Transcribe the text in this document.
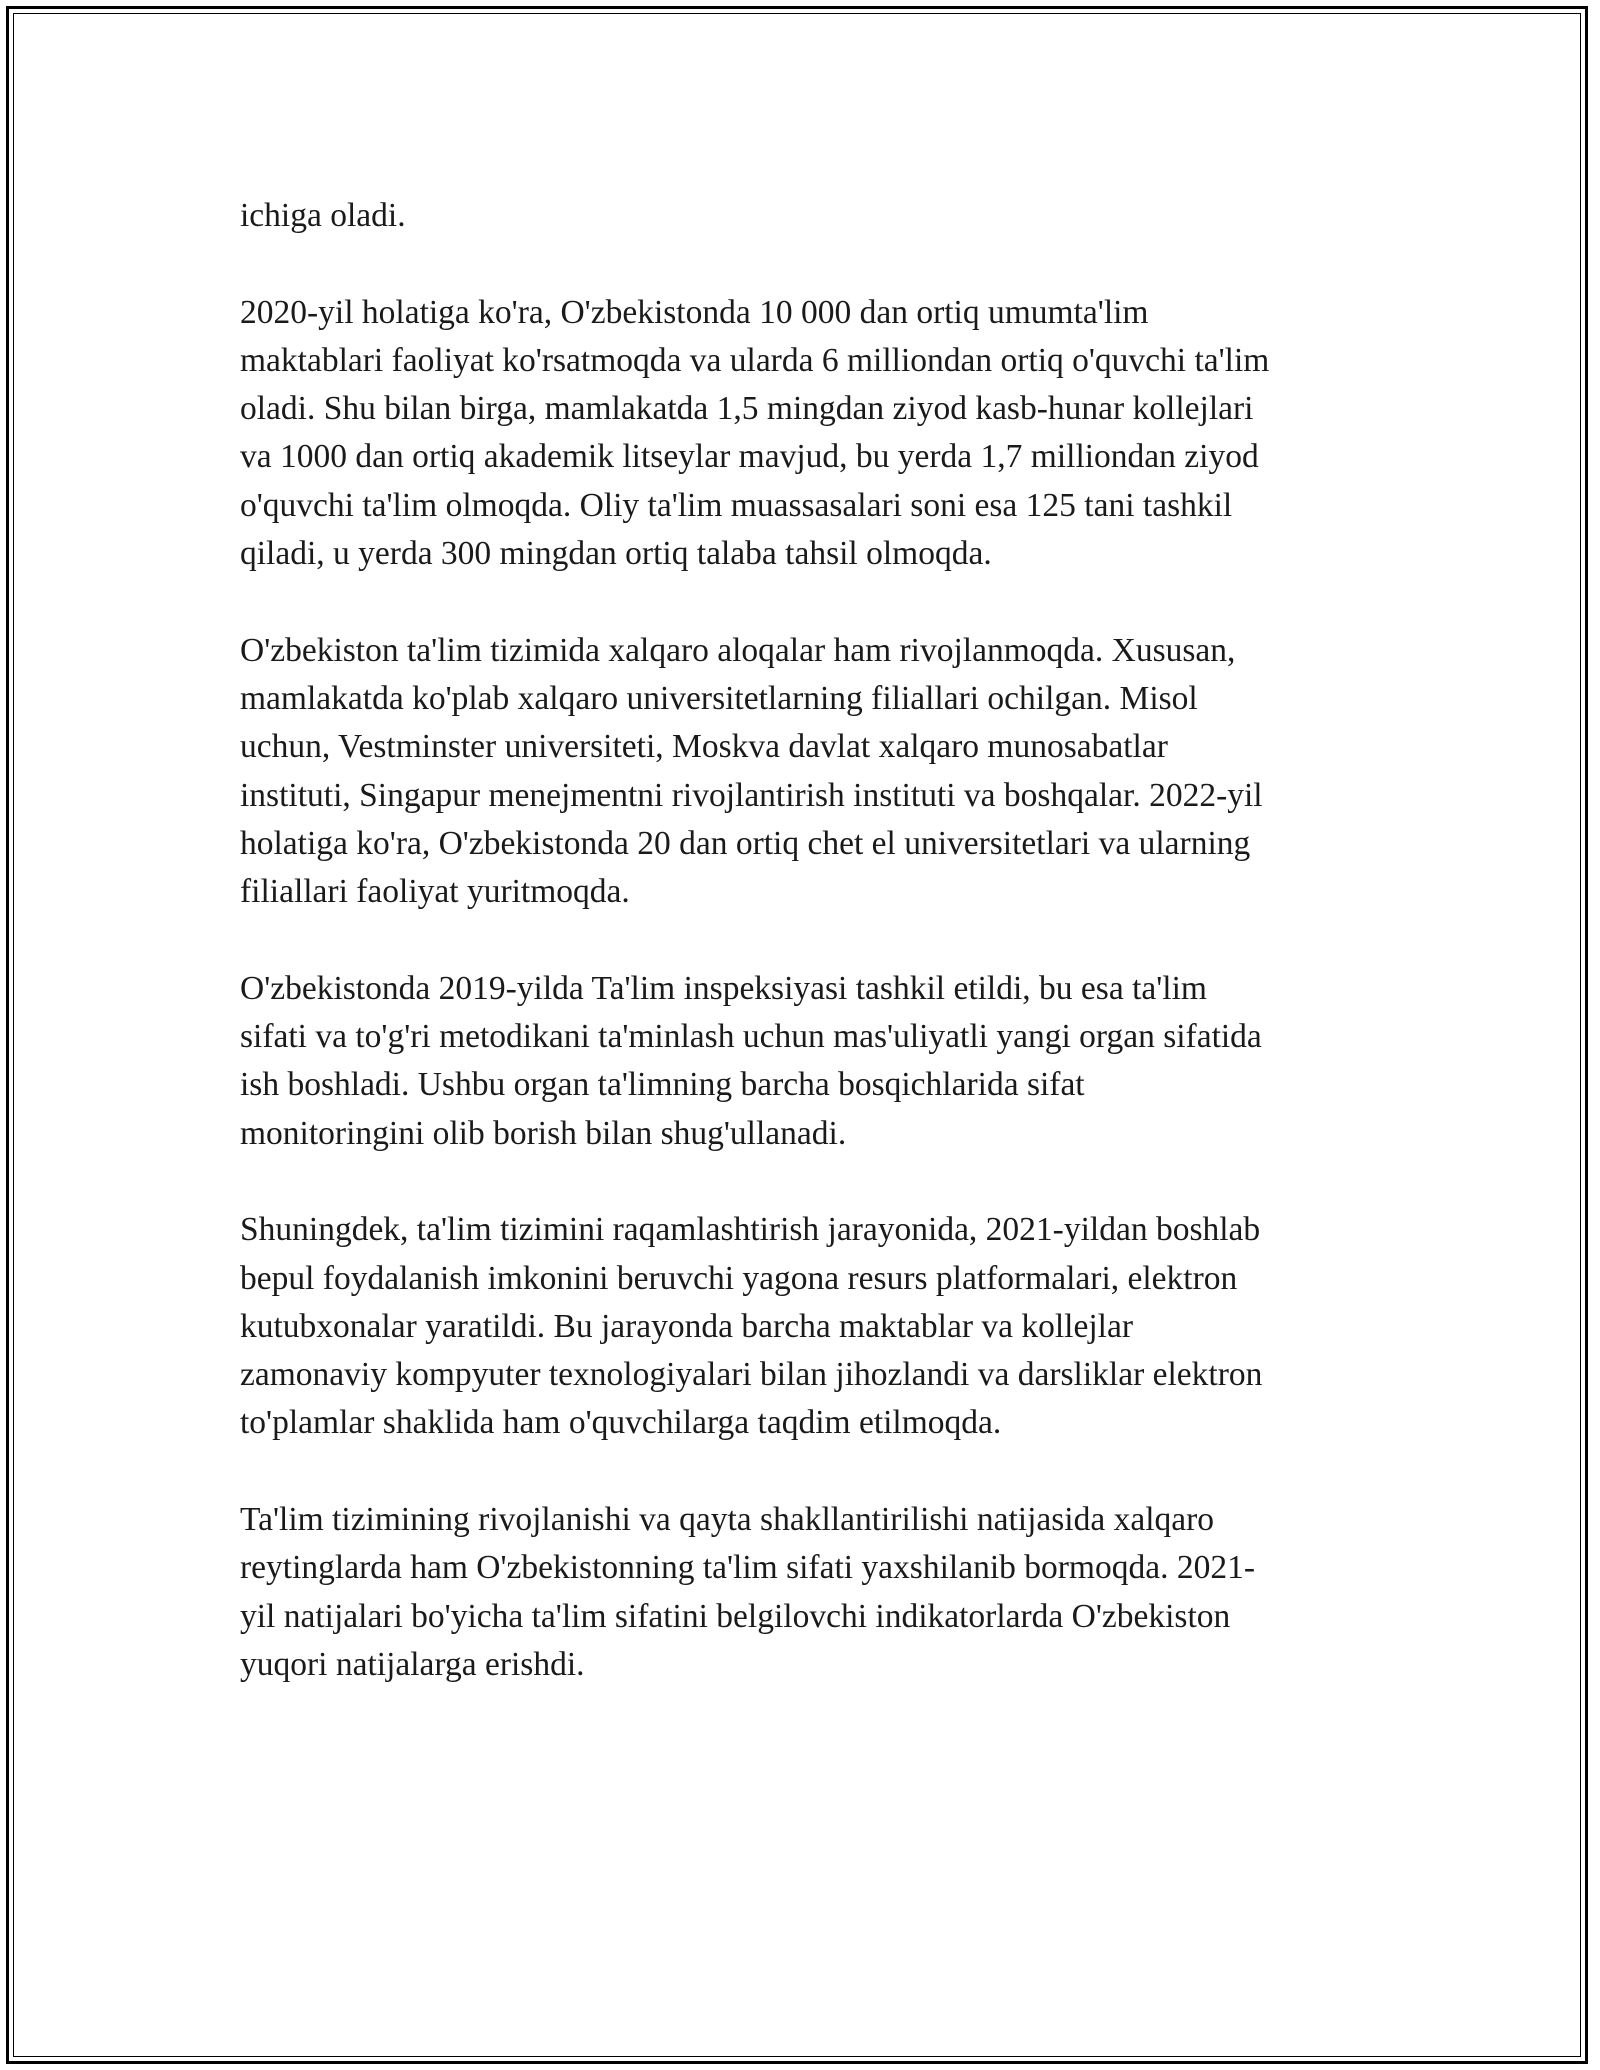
ichiga oladi.

2020-yil holatiga ko'ra, O'zbekistonda 10 000 dan ortiq umumta'lim
maktablari faoliyat ko'rsatmoqda va ularda 6 milliondan ortiq o'quvchi ta'lim
oladi. Shu bilan birga, mamlakatda 1,5 mingdan ziyod kasb-hunar kollejlari
va 1000 dan ortiq akademik litseylar mavjud, bu yerda 1,7 milliondan ziyod
o'quvchi ta'lim olmoqda. Oliy ta'lim muassasalari soni esa 125 tani tashkil
qiladi, u yerda 300 mingdan ortiq talaba tahsil olmoqda.

O'zbekiston ta'lim tizimida xalqaro aloqalar ham rivojlanmoqda. Xususan,
mamlakatda ko'plab xalqaro universitetlarning filiallari ochilgan. Misol
uchun, Vestminster universiteti, Moskva davlat xalqaro munosabatlar
instituti, Singapur menejmentni rivojlantirish instituti va boshqalar. 2022-yil
holatiga ko'ra, O'zbekistonda 20 dan ortiq chet el universitetlari va ularning
filiallari faoliyat yuritmoqda.

O'zbekistonda 2019-yilda Ta'lim inspeksiyasi tashkil etildi, bu esa ta'lim
sifati va to'g'ri metodikani ta'minlash uchun mas'uliyatli yangi organ sifatida
ish boshladi. Ushbu organ ta'limning barcha bosqichlarida sifat
monitoringini olib borish bilan shug'ullanadi.

Shuningdek, ta'lim tizimini raqamlashtirish jarayonida, 2021-yildan boshlab
bepul foydalanish imkonini beruvchi yagona resurs platformalari, elektron
kutubxonalar yaratildi. Bu jarayonda barcha maktablar va kollejlar
zamonaviy kompyuter texnologiyalari bilan jihozlandi va darsliklar elektron
to'plamlar shaklida ham o'quvchilarga taqdim etilmoqda.

Ta'lim tizimining rivojlanishi va qayta shakllantirilishi natijasida xalqaro
reytinglarda ham O'zbekistonning ta'lim sifati yaxshilanib bormoqda. 2021-
yil natijalari bo'yicha ta'lim sifatini belgilovchi indikatorlarda O'zbekiston
yuqori natijalarga erishdi.
